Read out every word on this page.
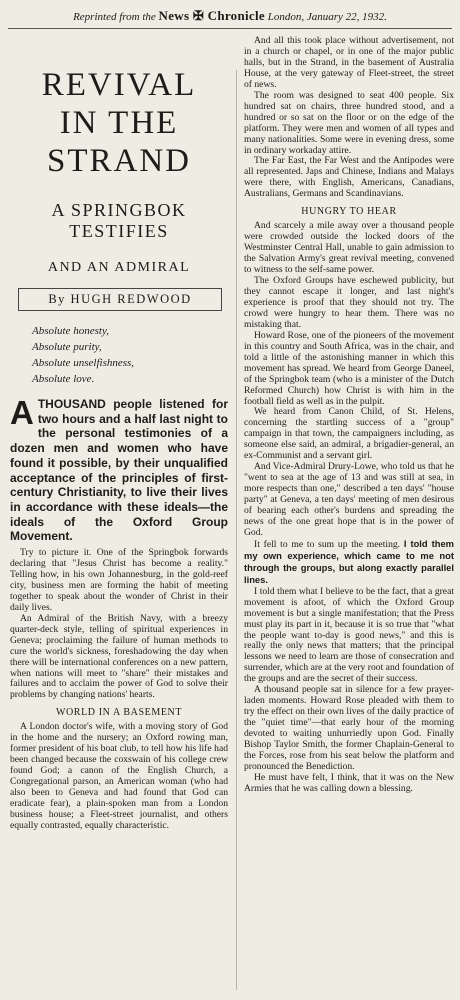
Reprinted from the News ✠ Chronicle London, January 22, 1932.
REVIVAL
IN THE
STRAND
A SPRINGBOK
TESTIFIES
AND AN ADMIRAL
By HUGH REDWOOD
Absolute honesty,
Absolute purity,
Absolute unselfishness,
Absolute love.
A THOUSAND people listened for two hours and a half last night to the personal testimonies of a dozen men and women who have found it possible, by their unqualified acceptance of the principles of first-century Christianity, to live their lives in accordance with these ideals—the ideals of the Oxford Group Movement.

Try to picture it. One of the Springbok forwards declaring that "Jesus Christ has become a reality." Telling how, in his own Johannesburg, in the gold-reef city, business men are forming the habit of meeting together to speak about the wonder of Christ in their daily lives.

An Admiral of the British Navy, with a breezy quarter-deck style, telling of spiritual experiences in Geneva; proclaiming the failure of human methods to cure the world's sickness, foreshadowing the day when there will be international conferences on a new pattern, when nations will meet to "share" their mistakes and failures and to acclaim the power of God to solve their problems by changing nations' hearts.

WORLD IN A BASEMENT

A London doctor's wife, with a moving story of God in the home and the nursery; an Oxford rowing man, former president of his boat club, to tell how his life had been changed because the coxswain of his college crew found God; a canon of the English Church, a Congregational parson, an American woman (who had also been to Geneva and had found that God can eradicate fear), a plain-spoken man from a London business house; a Fleet-street journalist, and others equally contrasted, equally characteristic.

And all this took place without advertisement, not in a church or chapel, or in one of the major public halls, but in the Strand, in the basement of Australia House, at the very gateway of Fleet-street, the street of news.

The room was designed to seat 400 people. Six hundred sat on chairs, three hundred stood, and a hundred or so sat on the floor or on the edge of the platform. They were men and women of all types and many nationalities. Some were in evening dress, some in ordinary workaday attire.

The Far East, the Far West and the Antipodes were all represented. Japs and Chinese, Indians and Malays were there, with English, Americans, Canadians, Australians, Germans and Scandinavians.

HUNGRY TO HEAR

And scarcely a mile away over a thousand people were crowded outside the locked doors of the Westminster Central Hall, unable to gain admission to the Salvation Army's great revival meeting, convened to witness to the self-same power.

The Oxford Groups have eschewed publicity, but they cannot escape it longer, and last night's experience is proof that they should not try. The crowd were hungry to hear them. There was no mistaking that.

Howard Rose, one of the pioneers of the movement in this country and South Africa, was in the chair, and told a little of the astonishing manner in which this movement has spread. We heard from George Daneel, of the Springbok team (who is a minister of the Dutch Reformed Church) how Christ is with him in the football field as well as in the pulpit.

We heard from Canon Child, of St. Helens, concerning the startling success of a "group" campaign in that town, the campaigners including, as someone else said, an admiral, a brigadier-general, an ex-Communist and a servant girl.

And Vice-Admiral Drury-Lowe, who told us that he "went to sea at the age of 13 and was still at sea, in more respects than one," described a ten days' "house party" at Geneva, a ten days' meeting of men desirous of bearing each other's burdens and spreading the news of the one great hope that is in the power of God.

It fell to me to sum up the meeting. I told them my own experience, which came to me not through the groups, but along exactly parallel lines.

I told them what I believe to be the fact, that a great movement is afoot, of which the Oxford Group movement is but a single manifestation; that the Press must play its part in it, because it is so true that "what the people want to-day is good news," and this is really the only news that matters; that the principal lessons we need to learn are those of consecration and surrender, which are at the very root and foundation of the groups and are the secret of their success.

A thousand people sat in silence for a few prayer-laden moments. Howard Rose pleaded with them to try the effect on their own lives of the daily practice of the "quiet time"—that early hour of the morning devoted to waiting unhurriedly upon God. Finally Bishop Taylor Smith, the former Chaplain-General to the Forces, rose from his seat below the platform and pronounced the Benediction.

He must have felt, I think, that it was on the New Armies that he was calling down a blessing.
